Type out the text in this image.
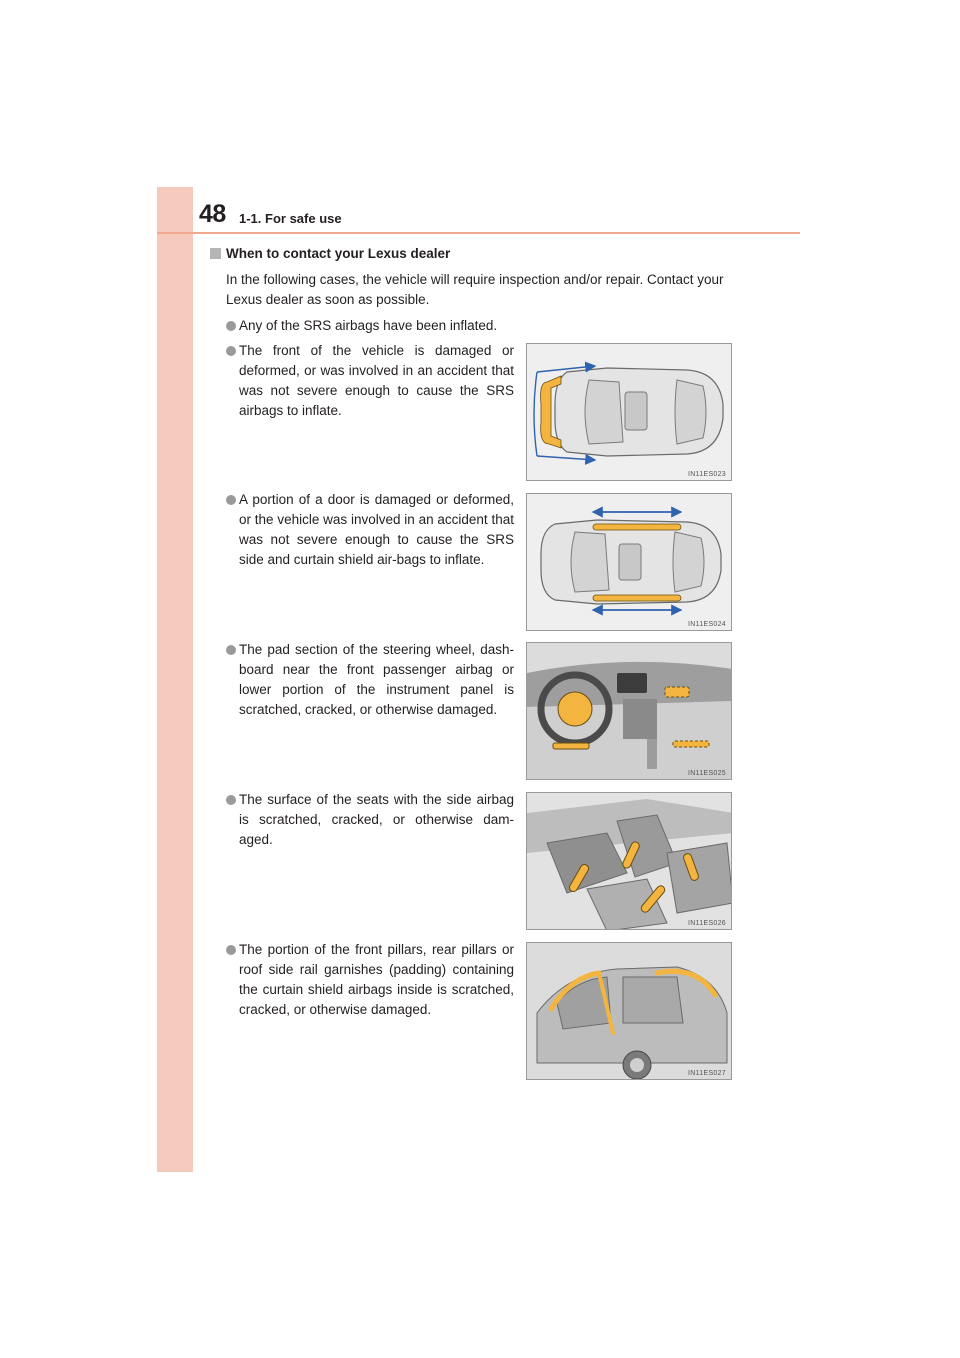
48 1-1. For safe use
When to contact your Lexus dealer

In the following cases, the vehicle will require inspection and/or repair. Contact your Lexus dealer as soon as possible.

Any of the SRS airbags have been inflated.
The front of the vehicle is damaged or deformed, or was involved in an accident that was not severe enough to cause the SRS airbags to inflate.
A portion of a door is damaged or deformed, or the vehicle was involved in an accident that was not severe enough to cause the SRS side and curtain shield air-bags to inflate.
The pad section of the steering wheel, dash-board near the front passenger airbag or lower portion of the instrument panel is scratched, cracked, or otherwise damaged.
The surface of the seats with the side airbag is scratched, cracked, or otherwise dam-aged.
The portion of the front pillars, rear pillars or roof side rail garnishes (padding) containing the curtain shield airbags inside is scratched, cracked, or otherwise damaged.
IN11ES023
IN11ES024
IN11ES025
IN11ES026
IN11ES027
